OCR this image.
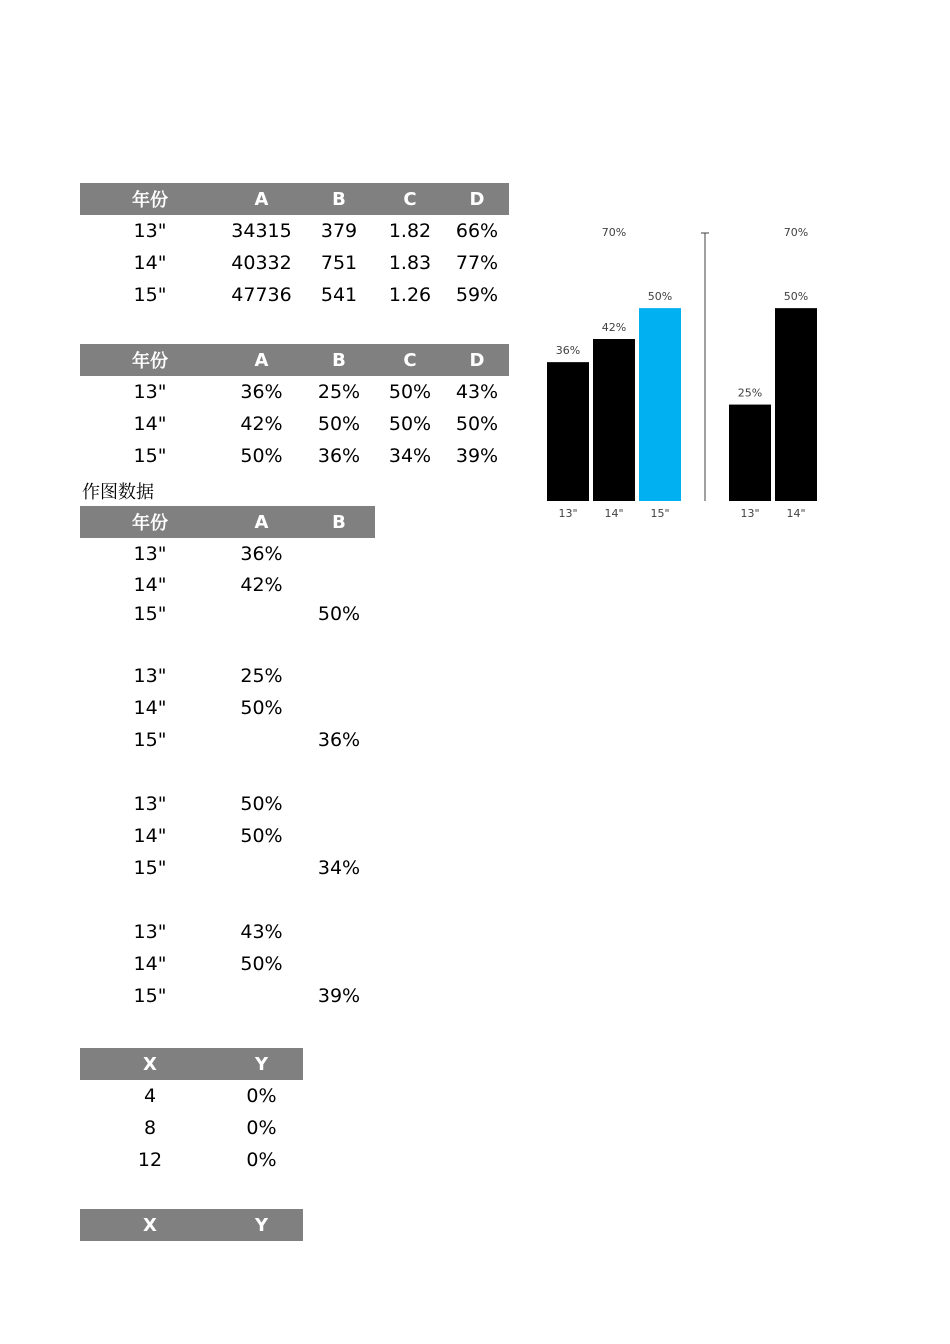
年份	A	B	C	D
13"	34315	379	1.82	66%
14"	40332	751	1.83	77%
15"	47736	541	1.26	59%
年份	A	B	C	D
13"	36%	25%	50%	43%
14"	42%	50%	50%	50%
15"	50%	36%	34%	39%
作图数据
年份	A	B
13"	36%	
14"	42%	
15"		50%

13"	25%	
14"	50%	
15"		36%

13"	50%	
14"	50%	
15"		34%

13"	43%	
14"	50%	
15"		39%
X	Y
4	0%
8	0%
12	0%
X	Y
36%
13"
42%
14"
50%
15"
70%
25%
13"
50%
14"
70%
